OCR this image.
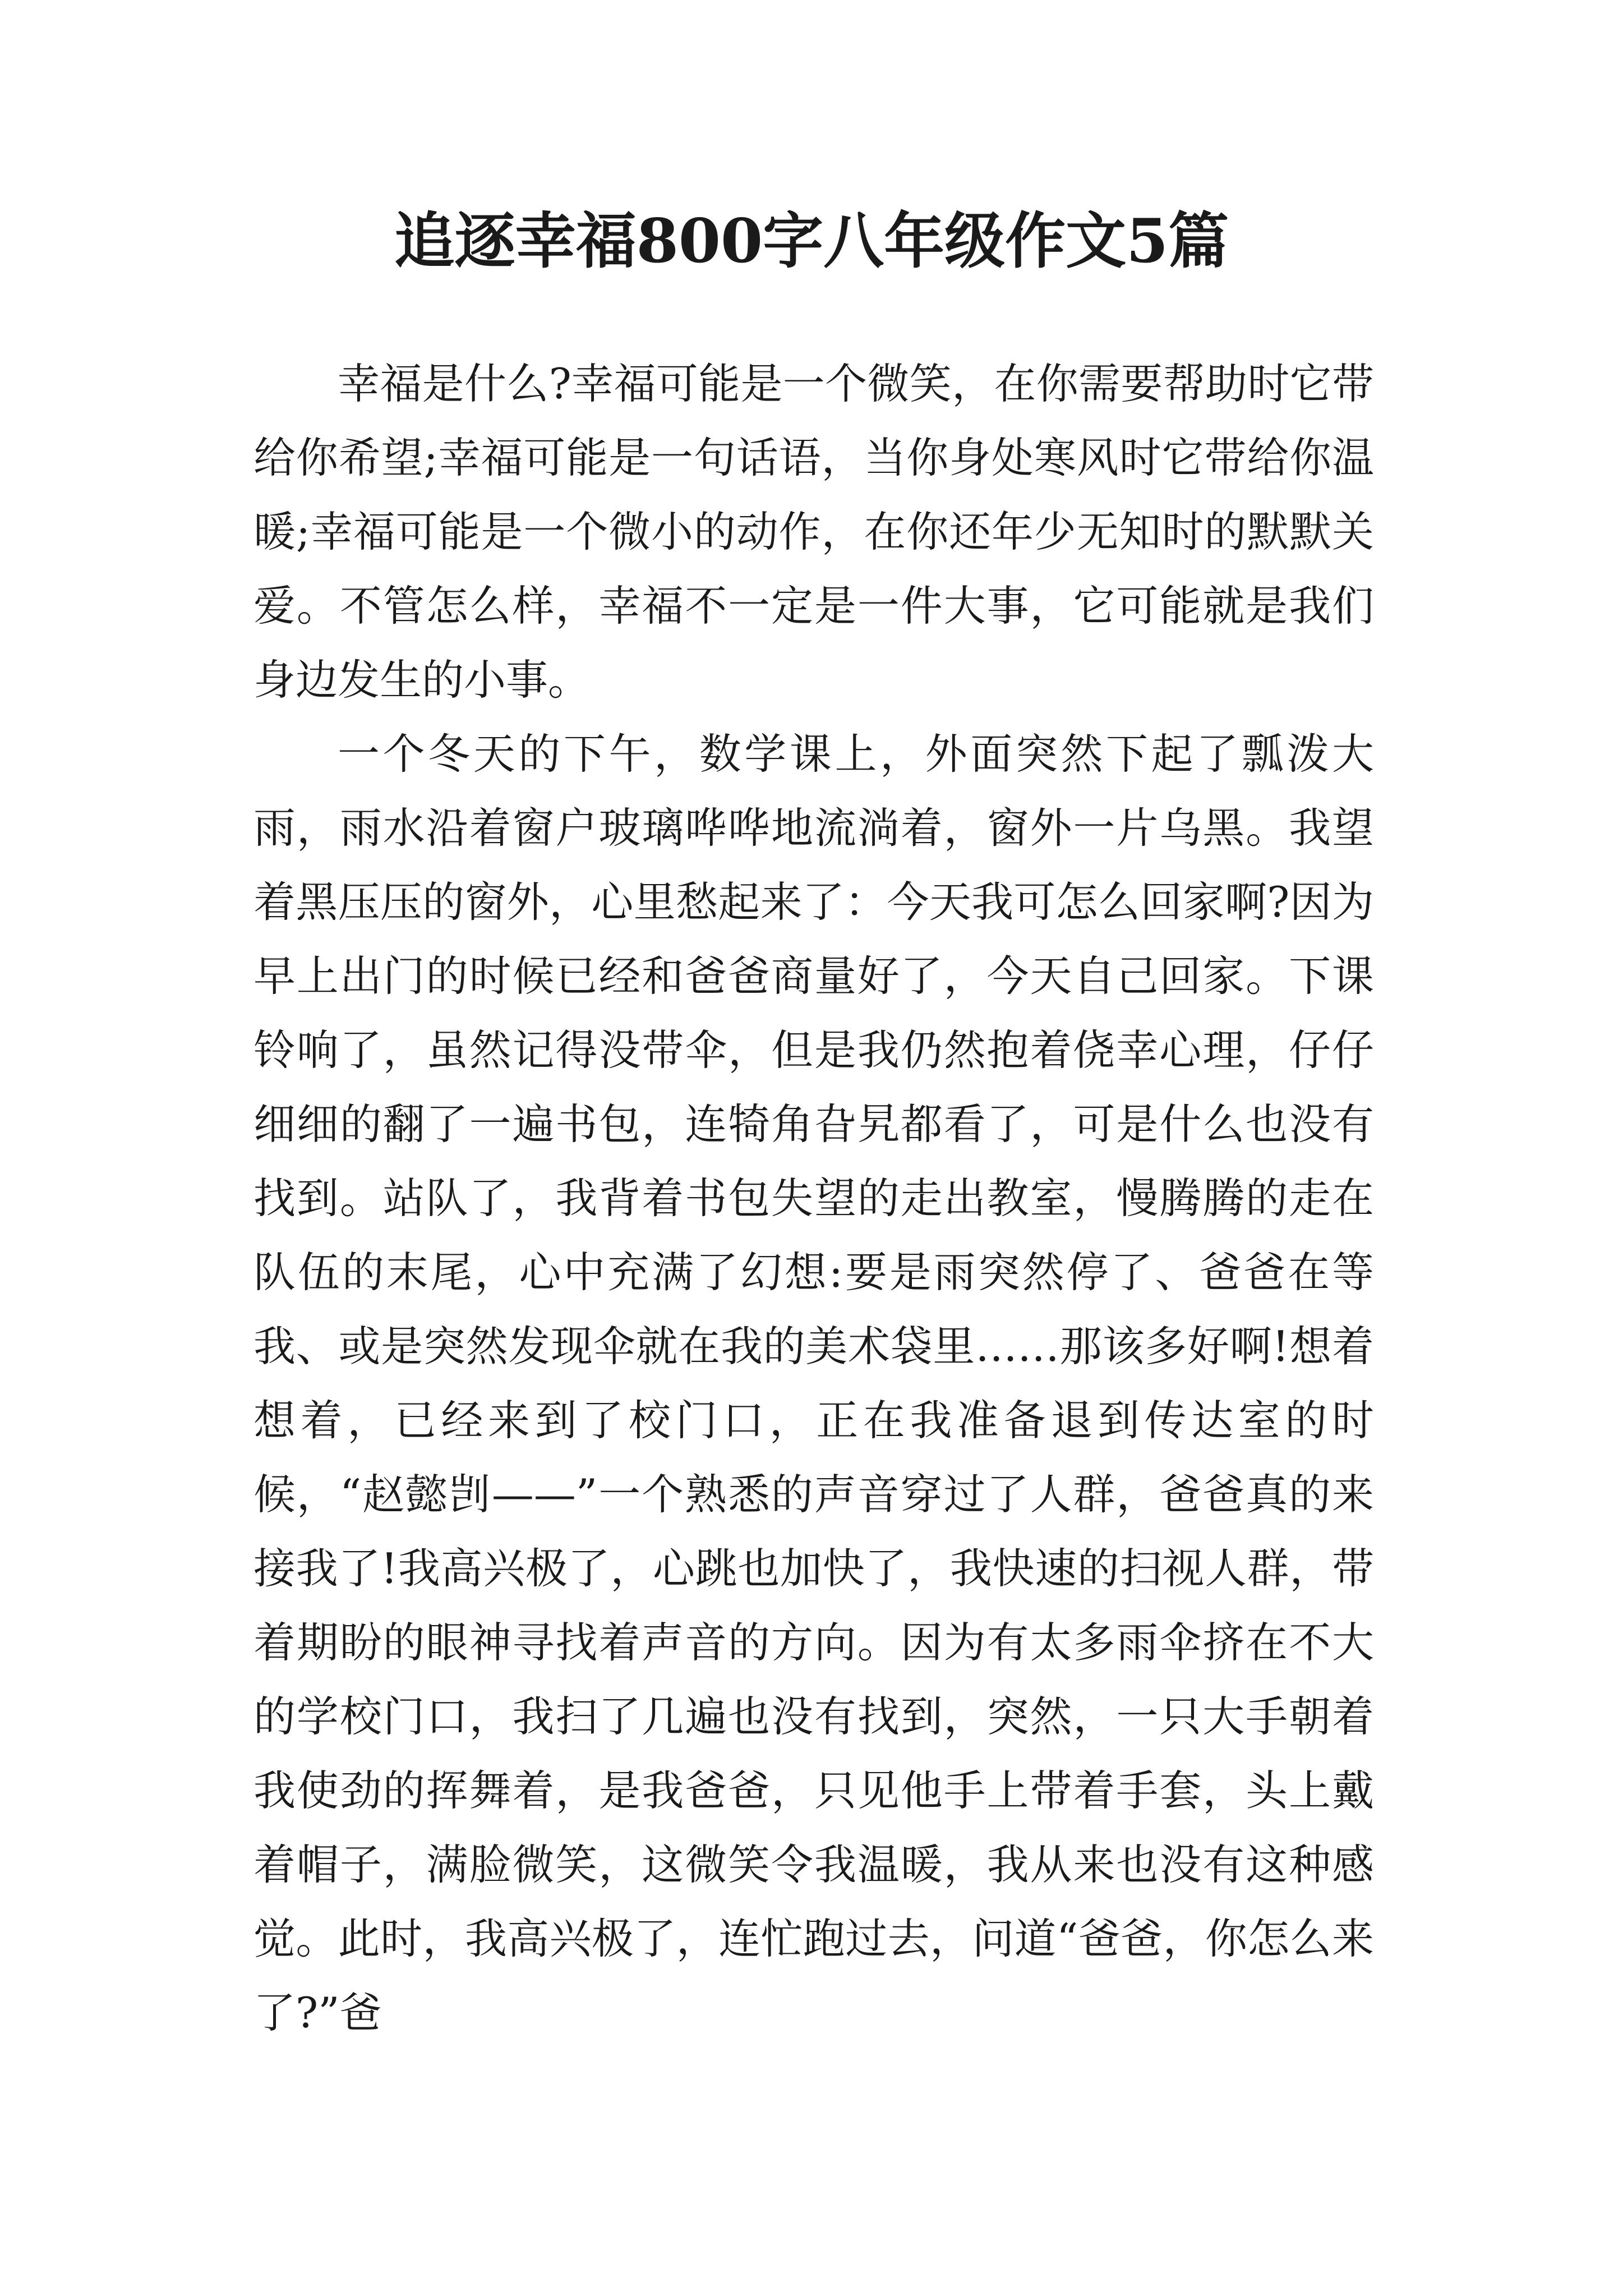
追逐幸福800字八年级作文5篇

幸福是什么?幸福可能是一个微笑，在你需要帮助时它带给你希望;幸福可能是一句话语，当你身处寒风时它带给你温暖;幸福可能是一个微小的动作，在你还年少无知时的默默关爱。不管怎么样，幸福不一定是一件大事，它可能就是我们身边发生的小事。

一个冬天的下午，数学课上，外面突然下起了瓢泼大雨，雨水沿着窗户玻璃哗哗地流淌着，窗外一片乌黑。我望着黑压压的窗外，心里愁起来了：今天我可怎么回家啊?因为早上出门的时候已经和爸爸商量好了，今天自己回家。下课铃响了，虽然记得没带伞，但是我仍然抱着侥幸心理，仔仔细细的翻了一遍书包，连犄角旮旯都看了，可是什么也没有找到。站队了，我背着书包失望的走出教室，慢腾腾的走在队伍的末尾，心中充满了幻想:要是雨突然停了、爸爸在等我、或是突然发现伞就在我的美术袋里……那该多好啊!想着想着，已经来到了校门口，正在我准备退到传达室的时候，“赵懿剀——”一个熟悉的声音穿过了人群，爸爸真的来接我了!我高兴极了，心跳也加快了，我快速的扫视人群，带着期盼的眼神寻找着声音的方向。因为有太多雨伞挤在不大的学校门口，我扫了几遍也没有找到，突然，一只大手朝着我使劲的挥舞着，是我爸爸，只见他手上带着手套，头上戴着帽子，满脸微笑，这微笑令我温暖，我从来也没有这种感觉。此时，我高兴极了，连忙跑过去，问道“爸爸，你怎么来了?”爸
